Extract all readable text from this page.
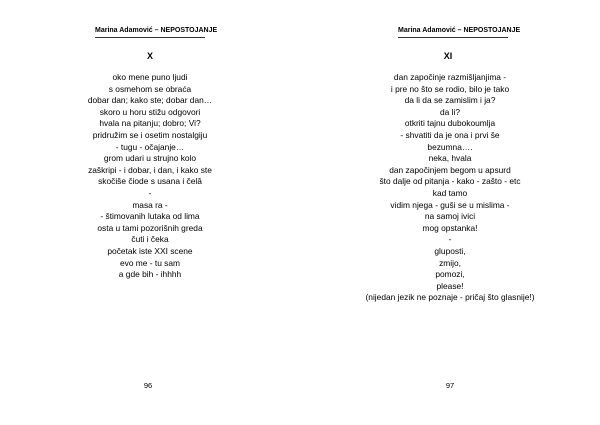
Marina Adamović – NEPOSTOJANJE
X
oko mene puno ljudi
s osmehom se obraća
dobar dan; kako ste; dobar dan…
skoro u horu stižu odgovori
hvala na pitanju; dobro; Vi?
pridružim se i osetim nostalgiju
- tugu - očajanje…
grom udari u strujno kolo
zaškripi - i dobar, i dan, i kako ste
skočiše čiode s usana i čelâ
-
masa ra -
- štimovanih lutaka od lima
osta u tami pozorišnih greda
čuti i čeka
početak iste XXI scene
evo me - tu sam
a gde bih - ihhhh
96
Marina Adamović – NEPOSTOJANJE
XI
dan započinje razmišljanjima -
i pre no što se rodio, bilo je tako
da li da se zamislim i ja?
da li?
otkriti tajnu dubokoumlja
- shvatiti da je ona i prvi še
bezumna….
neka, hvala
dan započinjem begom u apsurd
što dalje od pitanja - kako - zašto - etc
kad tamo
vidim njega - guši se u mislima -
na samoj ivici
mog opstanka!
-
gluposti,
zmijo,
pomozi,
please!
(nijedan jezik ne poznaje - pričaj što glasnije!)
97
